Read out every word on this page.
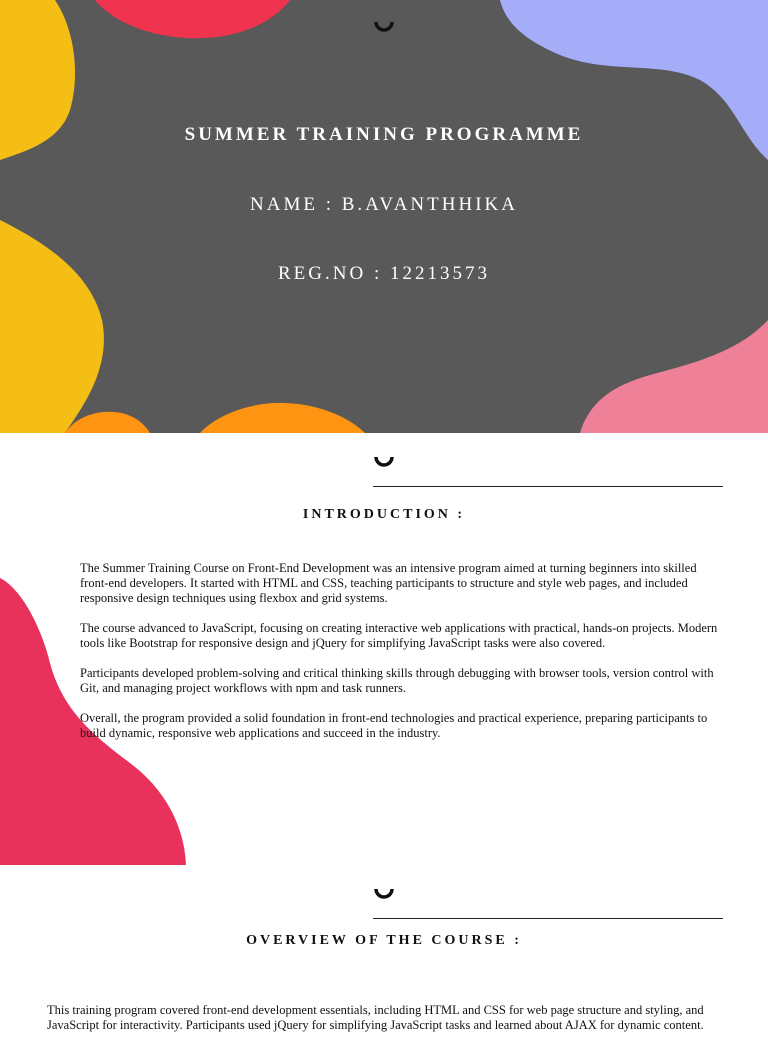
SUMMER TRAINING PROGRAMME
NAME : B.AVANTHHIKA
REG.NO : 12213573
INTRODUCTION :

The Summer Training Course on Front-End Development was an intensive program aimed at turning beginners into skilled front-end developers. It started with HTML and CSS, teaching participants to structure and style web pages, and included responsive design techniques using flexbox and grid systems.

The course advanced to JavaScript, focusing on creating interactive web applications with practical, hands-on projects. Modern tools like Bootstrap for responsive design and jQuery for simplifying JavaScript tasks were also covered.

Participants developed problem-solving and critical thinking skills through debugging with browser tools, version control with Git, and managing project workflows with npm and task runners.

Overall, the program provided a solid foundation in front-end technologies and practical experience, preparing participants to build dynamic, responsive web applications and succeed in the industry.

OVERVIEW OF THE COURSE :

This training program covered front-end development essentials, including HTML and CSS for web page structure and styling, and JavaScript for interactivity. Participants used jQuery for simplifying JavaScript tasks and learned about AJAX for dynamic content.
